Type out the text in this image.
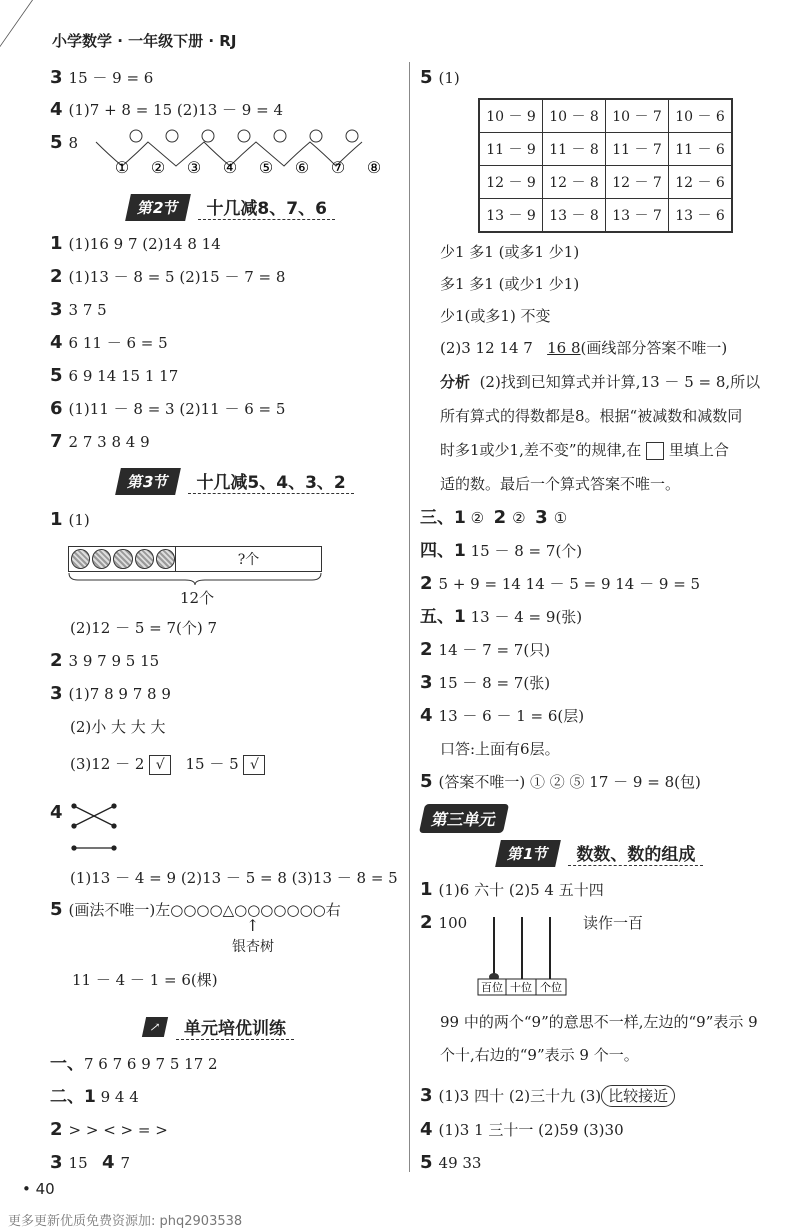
小学数学 · 一年级下册 · RJ
3 15 － 9 = 6
4 (1)7 + 8 = 15 (2)13 － 9 = 4
5 8
① ② ③ ④ ⑤ ⑥ ⑦ ⑧
第2节	十几减8、7、6
1 (1)16 9 7 (2)14 8 14
2 (1)13 － 8 = 5 (2)15 － 7 = 8
3 3 7 5
4 6 11 － 6 = 5
5 6 9 14 15 1 17
6 (1)11 － 8 = 3 (2)11 － 6 = 5
7 2 7 3 8 4 9
第3节	十几减5、4、3、2
1 (1)
?个
12个
(2)12 － 5 = 7(个) 7
2 3 9 7 9 5 15
3 (1)7 8 9 7 8 9
(2)小 大 大 大
(3)12 － 2 √ 15 － 5 √
4
(1)13 － 4 = 9 (2)13 － 5 = 8 (3)13 － 8 = 5
5 (画法不唯一)左○○○○△○○○○○○○右
↑
银杏树
11 － 4 － 1 = 6(棵)
↗	单元培优训练
一、7 6 7 6 9 7 5 17 2
二、1 9 4 4
2 > > < > = >
3 15 4 7
5 (1)
10 － 9	10 － 8	10 － 7	10 － 6
11 － 9	11 － 8	11 － 7	11 － 6
12 － 9	12 － 8	12 － 7	12 － 6
13 － 9	13 － 8	13 － 7	13 － 6
少1 多1 (或多1 少1)
多1 多1 (或少1 少1)
少1(或多1) 不变
(2)3 12 14 7 16 8(画线部分答案不唯一)
分析 (2)找到已知算式并计算,13 － 5 = 8,所以
所有算式的得数都是8。根据“被减数和减数同
时多1或少1,差不变”的规律,在 里填上合
适的数。最后一个算式答案不唯一。
三、1 ② 2 ② 3 ①
四、1 15 － 8 = 7(个)
2 5 + 9 = 14 14 － 5 = 9 14 － 9 = 5
五、1 13 － 4 = 9(张)
2 14 － 7 = 7(只)
3 15 － 8 = 7(张)
4 13 － 6 － 1 = 6(层)
口答:上面有6层。
5 (答案不唯一) ① ② ⑤ 17 － 9 = 8(包)
第三单元
第1节	数数、数的组成
1 (1)6 六十 (2)5 4 五十四
2 100	读作一百
百位 十位 个位
99 中的两个“9”的意思不一样,左边的“9”表示 9
个十,右边的“9”表示 9 个一。
3 (1)3 四十 (2)三十九 (3) 比较接近
4 (1)3 1 三十一 (2)59 (3)30
5 49 33
• 40
更多更新优质免费资源加: phq2903538
